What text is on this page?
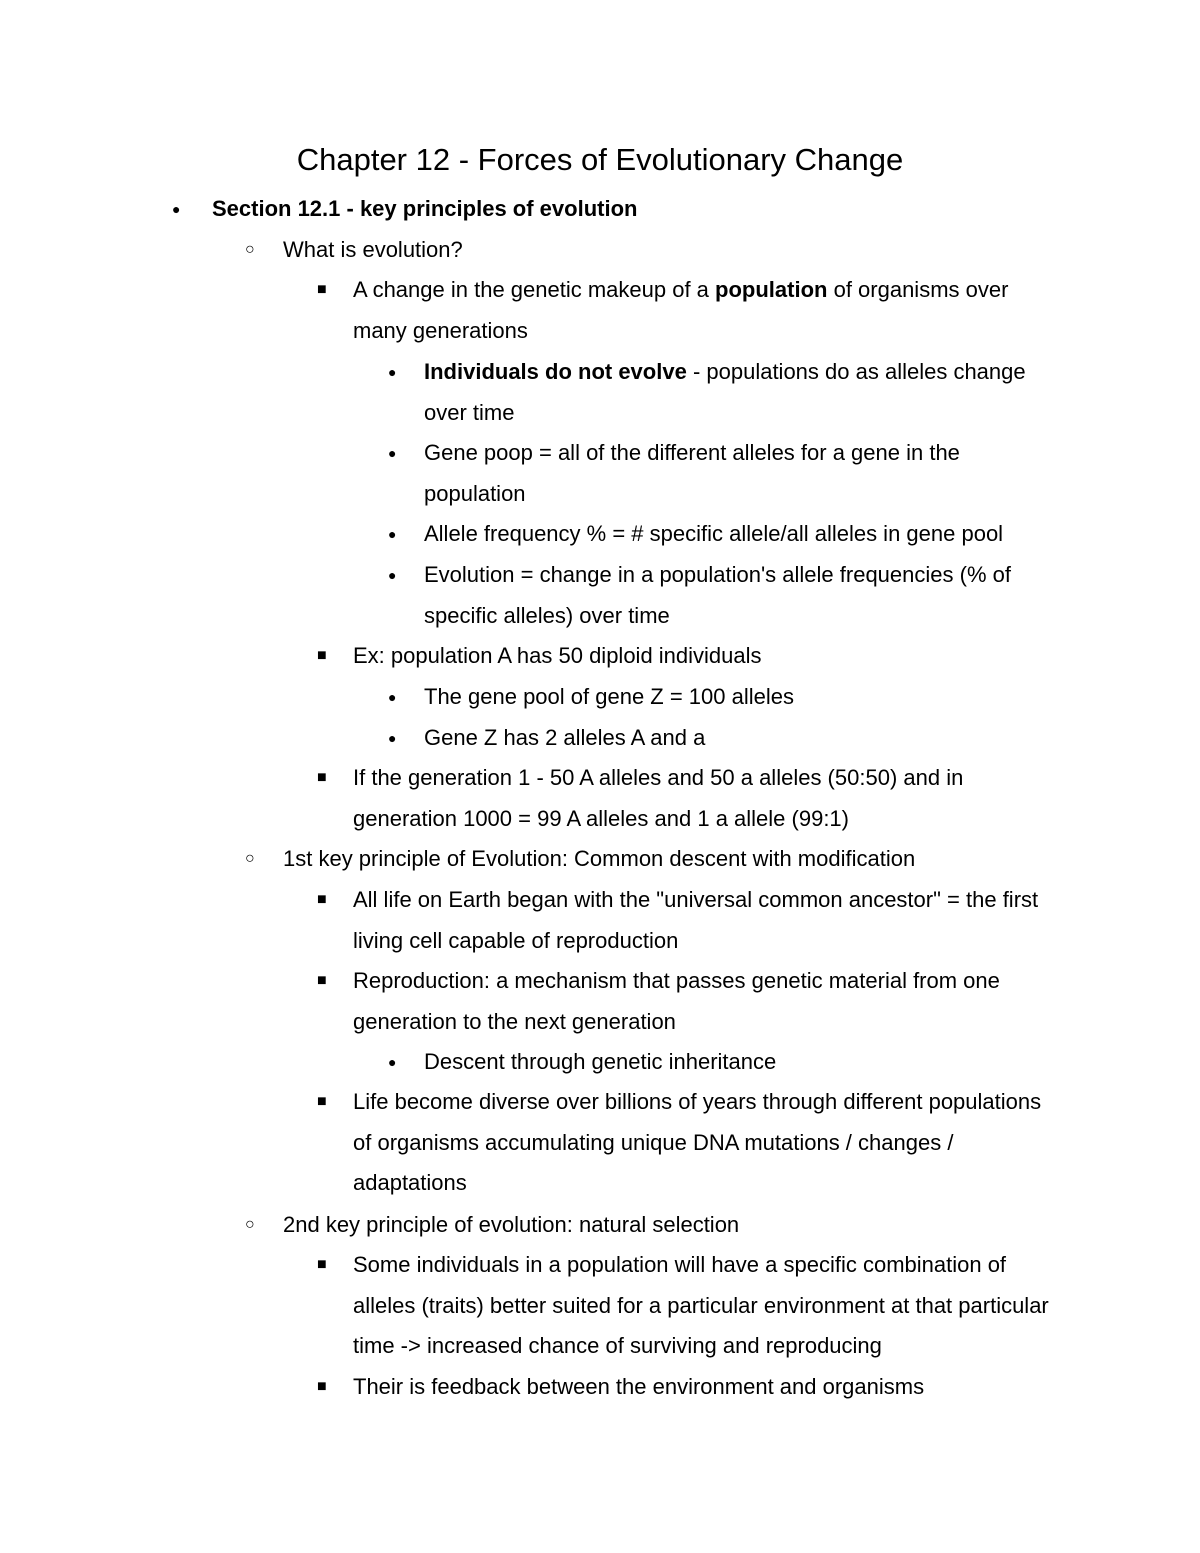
Chapter 12 - Forces of Evolutionary Change
● Section 12.1 - key principles of evolution
○ What is evolution?
■ A change in the genetic makeup of a population of organisms over many generations
● Individuals do not evolve - populations do as alleles change over time
● Gene poop = all of the different alleles for a gene in the population
● Allele frequency % = # specific allele/all alleles in gene pool
● Evolution = change in a population's allele frequencies (% of specific alleles) over time
■ Ex: population A has 50 diploid individuals
● The gene pool of gene Z = 100 alleles
● Gene Z has 2 alleles A and a
■ If the generation 1 - 50 A alleles and 50 a alleles (50:50) and in generation 1000 = 99 A alleles and 1 a allele (99:1)
○ 1st key principle of Evolution: Common descent with modification
■ All life on Earth began with the "universal common ancestor" = the first living cell capable of reproduction
■ Reproduction: a mechanism that passes genetic material from one generation to the next generation
● Descent through genetic inheritance
■ Life become diverse over billions of years through different populations of organisms accumulating unique DNA mutations / changes / adaptations
○ 2nd key principle of evolution: natural selection
■ Some individuals in a population will have a specific combination of alleles (traits) better suited for a particular environment at that particular time -> increased chance of surviving and reproducing
■ Their is feedback between the environment and organisms
